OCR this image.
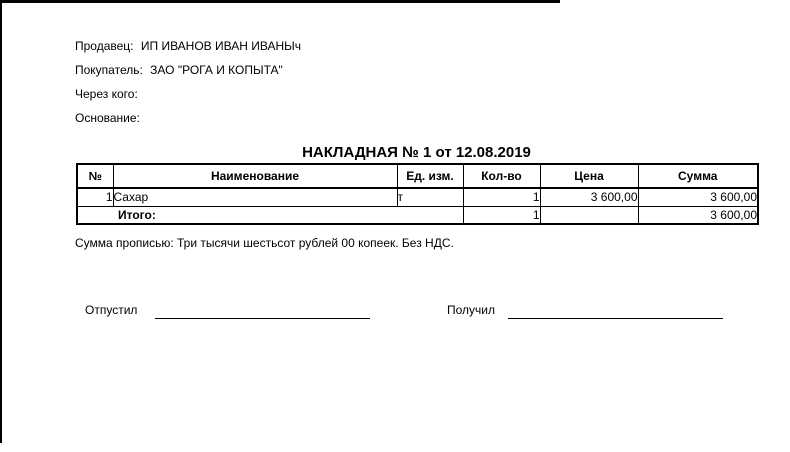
Продавец: ИП ИВАНОВ ИВАН ИВАНЫч
Покупатель: ЗАО "РОГА И КОПЫТА"
Через кого:
Основание:
НАКЛАДНАЯ № 1 от 12.08.2019
№	Наименование	Ед. изм.	Кол-во	Цена	Сумма
1	Сахар	т	1	3 600,00	3 600,00
Итого:			1		3 600,00
Сумма прописью: Три тысячи шестьсот рублей 00 копеек. Без НДС.
Отпустил	Получил
